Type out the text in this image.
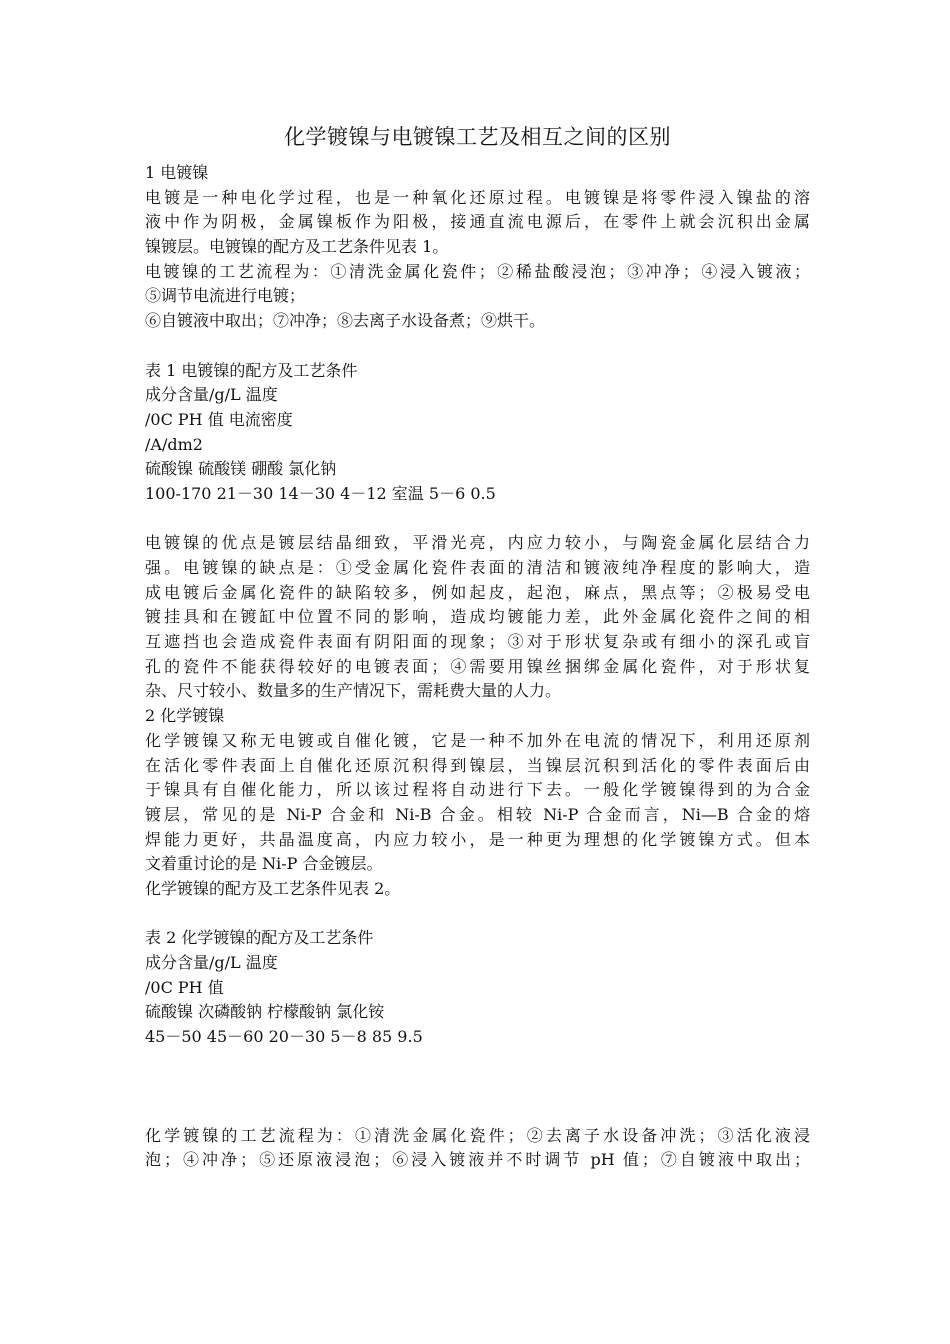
化学镀镍与电镀镍工艺及相互之间的区别
1 电镀镍
电镀是一种电化学过程，也是一种氧化还原过程。电镀镍是将零件浸入镍盐的溶
液中作为阴极，金属镍板作为阳极，接通直流电源后，在零件上就会沉积出金属
镍镀层。电镀镍的配方及工艺条件见表 1。
电镀镍的工艺流程为：①清洗金属化瓷件；②稀盐酸浸泡；③冲净；④浸入镀液；
⑤调节电流进行电镀；
⑥自镀液中取出；⑦冲净；⑧去离子水设备煮；⑨烘干。
表 1 电镀镍的配方及工艺条件
成分含量/g/L 温度
/0C PH 值 电流密度
/A/dm2
硫酸镍 硫酸镁 硼酸 氯化钠
100-170 21－30 14－30 4－12 室温 5－6 0.5
电镀镍的优点是镀层结晶细致，平滑光亮，内应力较小，与陶瓷金属化层结合力
强。电镀镍的缺点是：①受金属化瓷件表面的清洁和镀液纯净程度的影响大，造
成电镀后金属化瓷件的缺陷较多，例如起皮，起泡，麻点，黑点等；②极易受电
镀挂具和在镀缸中位置不同的影响，造成均镀能力差，此外金属化瓷件之间的相
互遮挡也会造成瓷件表面有阴阳面的现象；③对于形状复杂或有细小的深孔或盲
孔的瓷件不能获得较好的电镀表面；④需要用镍丝捆绑金属化瓷件，对于形状复
杂、尺寸较小、数量多的生产情况下，需耗费大量的人力。
2 化学镀镍
化学镀镍又称无电镀或自催化镀，它是一种不加外在电流的情况下，利用还原剂
在活化零件表面上自催化还原沉积得到镍层，当镍层沉积到活化的零件表面后由
于镍具有自催化能力，所以该过程将自动进行下去。一般化学镀镍得到的为合金
镀层，常见的是 Ni-P 合金和 Ni-B 合金。相较 Ni-P 合金而言，Ni—B 合金的熔
焊能力更好，共晶温度高，内应力较小，是一种更为理想的化学镀镍方式。但本
文着重讨论的是 Ni-P 合金镀层。
化学镀镍的配方及工艺条件见表 2。
表 2 化学镀镍的配方及工艺条件
成分含量/g/L 温度
/0C PH 值
硫酸镍 次磷酸钠 柠檬酸钠 氯化铵
45－50 45－60 20－30 5－8 85 9.5
化学镀镍的工艺流程为：①清洗金属化瓷件；②去离子水设备冲洗；③活化液浸
泡；④冲净；⑤还原液浸泡；⑥浸入镀液并不时调节 pH 值；⑦自镀液中取出；
